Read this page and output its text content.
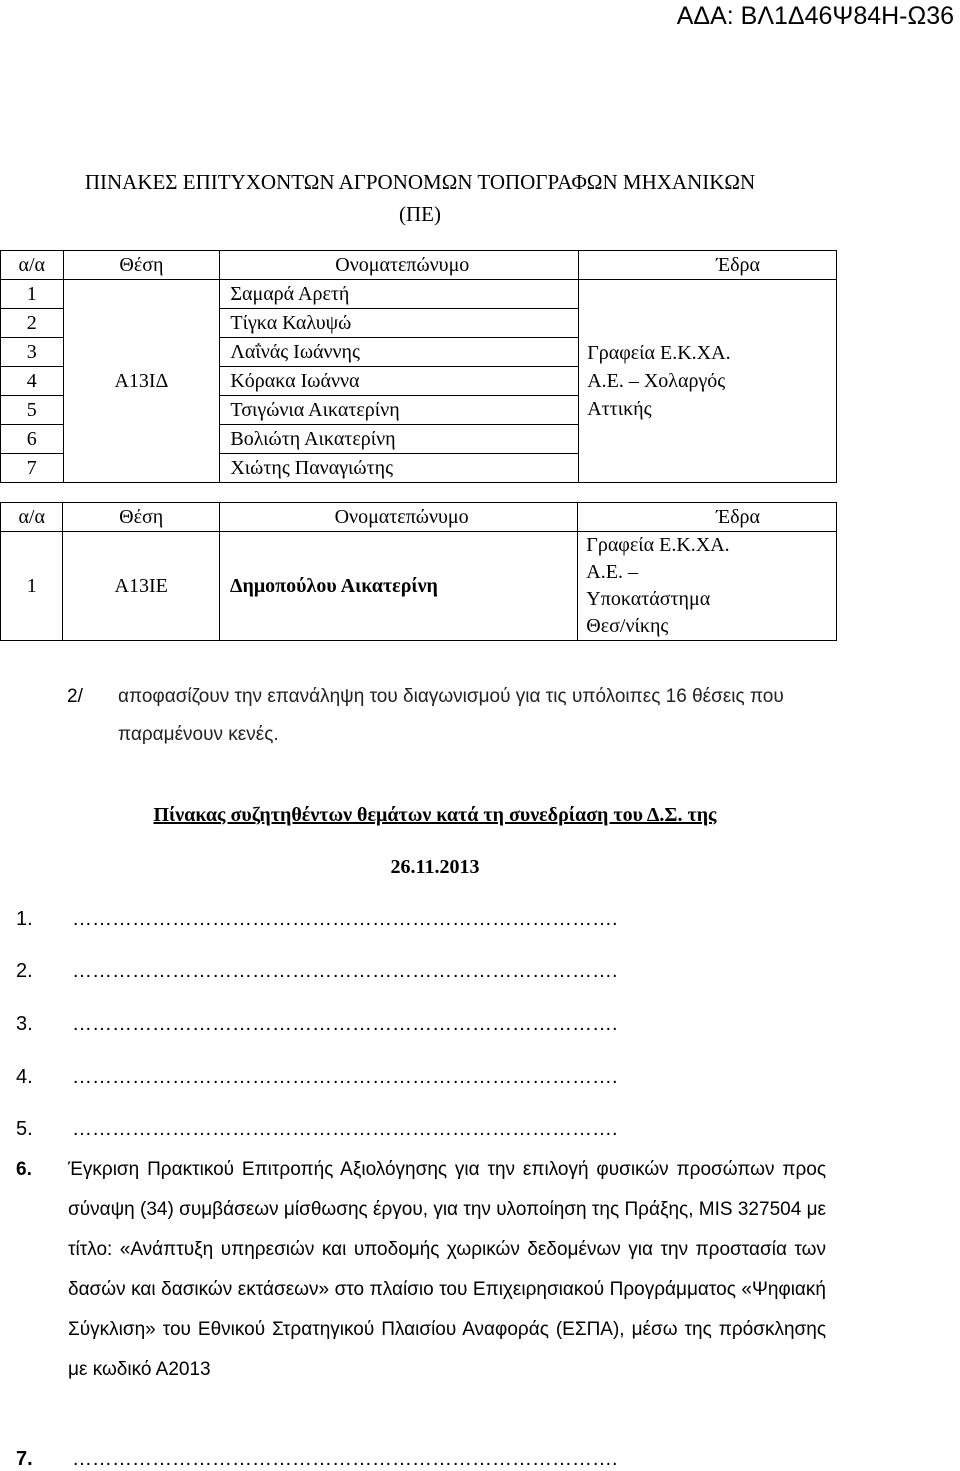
ΑΔΑ: ΒΛ1Δ46Ψ84Η-Ω36
ΠΙΝΑΚΕΣ ΕΠΙΤΥΧΟΝΤΩΝ ΑΓΡΟΝΟΜΩΝ ΤΟΠΟΓΡΑΦΩΝ ΜΗΧΑΝΙΚΩΝ
(ΠΕ)
α/α	Θέση	Ονοματεπώνυμο	Έδρα
1	Α13ΙΔ	Σαμαρά Αρετή	Γραφεία Ε.Κ.ΧΑ.
Α.Ε. – Χολαργός
Αττικής

2		Τίγκα Καλυψώ	
3		Λαΐνάς Ιωάννης	
4		Κόρακα Ιωάννα	
5		Τσιγώνια Αικατερίνη	
6		Βολιώτη Αικατερίνη	
7		Χιώτης Παναγιώτης	
α/α	Θέση	Ονοματεπώνυμο	Έδρα
1	Α13ΙΕ	Δημοπούλου Αικατερίνη	Γραφεία Ε.Κ.ΧΑ.
Α.Ε. –
Υποκατάστημα
Θεσ/νίκης
2/ αποφασίζουν την επανάληψη του διαγωνισμού για τις υπόλοιπες 16 θέσεις που παραμένουν κενές.
Πίνακας συζητηθέντων θεμάτων κατά τη συνεδρίαση του Δ.Σ. της
26.11.2013
1. ……………………………………………………………………….
2. ……………………………………………………………………….
3. ……………………………………………………………………….
4. ……………………………………………………………………….
5. ……………………………………………………………………….
6. Έγκριση Πρακτικού Επιτροπής Αξιολόγησης για την επιλογή φυσικών προσώπων προς σύναψη (34) συμβάσεων μίσθωσης έργου, για την υλοποίηση της Πράξης, MIS 327504 με τίτλο: «Ανάπτυξη υπηρεσιών και υποδομής χωρικών δεδομένων για την προστασία των δασών και δασικών εκτάσεων» στο πλαίσιο του Επιχειρησιακού Προγράμματος «Ψηφιακή Σύγκλιση» του Εθνικού Στρατηγικού Πλαισίου Αναφοράς (ΕΣΠΑ), μέσω της πρόσκλησης με κωδικό Α2013
7. ……………………………………………………………………….
